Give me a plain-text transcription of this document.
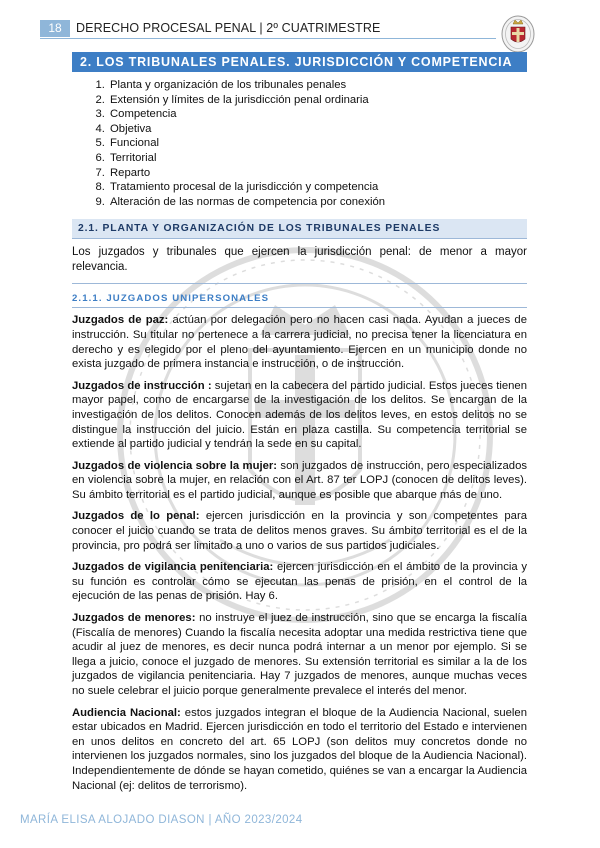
18	DERECHO PROCESAL PENAL | 2º CUATRIMESTRE
2. LOS TRIBUNALES PENALES. JURISDICCIÓN Y COMPETENCIA
1. Planta y organización de los tribunales penales
2. Extensión y límites de la jurisdicción penal ordinaria
3. Competencia
4. Objetiva
5. Funcional
6. Territorial
7. Reparto
8. Tratamiento procesal de la jurisdicción y competencia
9. Alteración de las normas de competencia por conexión
2.1. PLANTA Y ORGANIZACIÓN DE LOS TRIBUNALES PENALES

Los juzgados y tribunales que ejercen la jurisdicción penal: de menor a mayor relevancia.

2.1.1. JUZGADOS UNIPERSONALES

Juzgados de paz: actúan por delegación pero no hacen casi nada. Ayudan a jueces de instrucción. Su titular no pertenece a la carrera judicial, no precisa tener la licenciatura en derecho y es elegido por el pleno del ayuntamiento. Ejercen en un municipio donde no exista juzgado de primera instancia e instrucción, o de instrucción.

Juzgados de instrucción : sujetan en la cabecera del partido judicial. Estos jueces tienen mayor papel, como de encargarse de la investigación de los delitos. Se encargan de la investigación de los delitos. Conocen además de los delitos leves, en estos delitos no se distingue la instrucción del juicio. Están en plaza castilla. Su competencia territorial se extiende al partido judicial y tendrán la sede en su capital.

Juzgados de violencia sobre la mujer: son juzgados de instrucción, pero especializados en violencia sobre la mujer, en relación con el Art. 87 ter LOPJ (conocen de delitos leves). Su ámbito territorial es el partido judicial, aunque es posible que abarque más de uno.

Juzgados de lo penal: ejercen jurisdicción en la provincia y son competentes para conocer el juicio cuando se trata de delitos menos graves. Su ámbito territorial es el de la provincia, pro podrá ser limitado a uno o varios de sus partidos judiciales.

Juzgados de vigilancia penitenciaria: ejercen jurisdicción en el ámbito de la provincia y su función es controlar cómo se ejecutan las penas de prisión, en el control de la ejecución de las penas de prisión. Hay 6.

Juzgados de menores: no instruye el juez de instrucción, sino que se encarga la fiscalía (Fiscalía de menores) Cuando la fiscalía necesita adoptar una medida restrictiva tiene que acudir al juez de menores, es decir nunca podrá internar a un menor por ejemplo. Si se llega a juicio, conoce el juzgado de menores. Su extensión territorial es similar a la de los juzgados de vigilancia penitenciaria. Hay 7 juzgados de menores, aunque muchas veces no suele celebrar el juicio porque generalmente prevalece el interés del menor.

Audiencia Nacional: estos juzgados integran el bloque de la Audiencia Nacional, suelen estar ubicados en Madrid. Ejercen jurisdicción en todo el territorio del Estado e intervienen en unos delitos en concreto del art. 65 LOPJ (son delitos muy concretos donde no intervienen los juzgados normales, sino los juzgados del bloque de la Audiencia Nacional). Independientemente de dónde se hayan cometido, quiénes se van a encargar la Audiencia Nacional (ej: delitos de terrorismo).

MARÍA ELISA ALOJADO DIASON | AÑO 2023/2024
